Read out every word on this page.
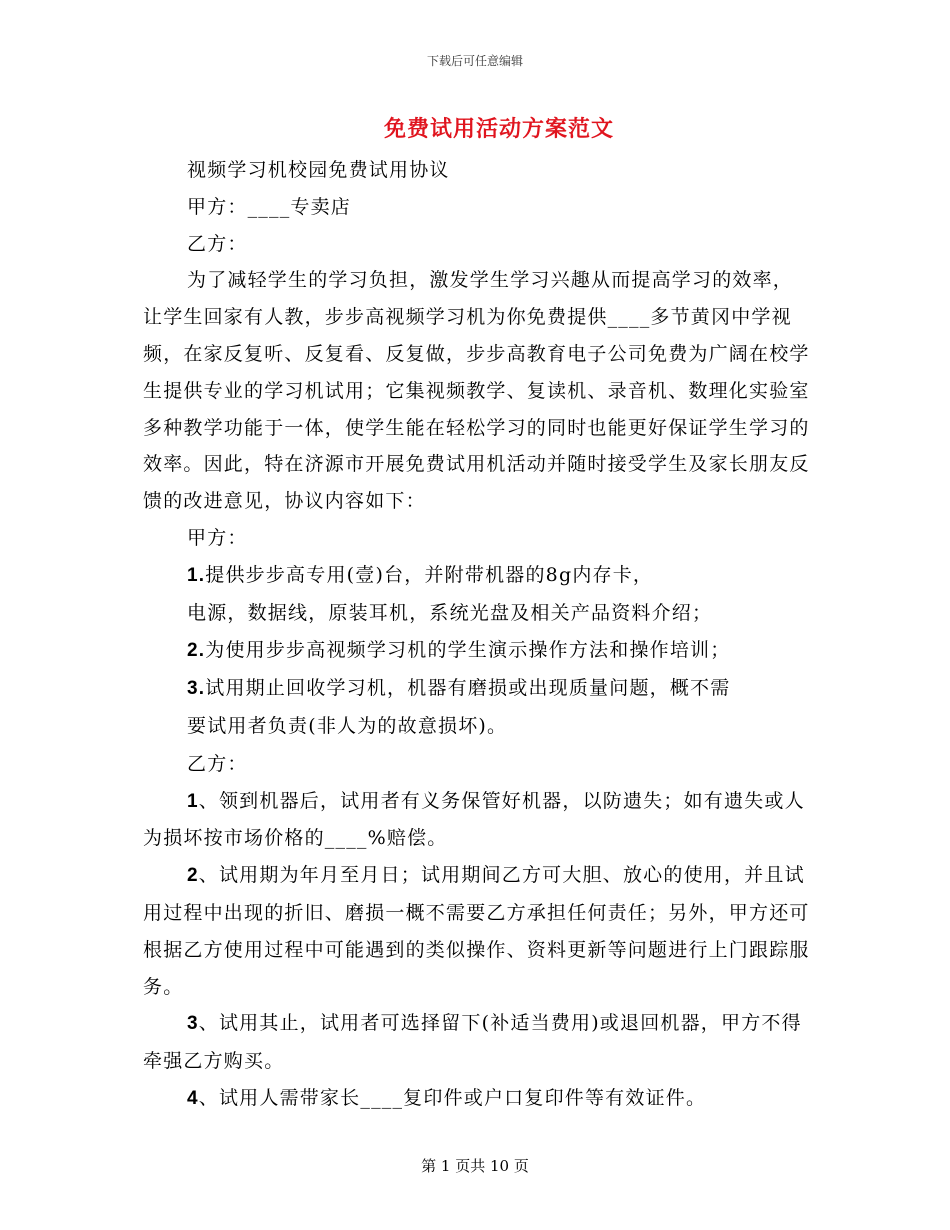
下载后可任意编辑
免费试用活动方案范文

视频学习机校园免费试用协议

甲方：____专卖店

乙方：

为了减轻学生的学习负担，激发学生学习兴趣从而提高学习的效率，让学生回家有人教，步步高视频学习机为你免费提供____多节黄冈中学视频，在家反复听、反复看、反复做，步步高教育电子公司免费为广阔在校学生提供专业的学习机试用；它集视频教学、复读机、录音机、数理化实验室多种教学功能于一体，使学生能在轻松学习的同时也能更好保证学生学习的效率。因此，特在济源市开展免费试用机活动并随时接受学生及家长朋友反馈的改进意见，协议内容如下：

甲方：

1.提供步步高专用(壹)台，并附带机器的8g内存卡，

电源，数据线，原装耳机，系统光盘及相关产品资料介绍；

2.为使用步步高视频学习机的学生演示操作方法和操作培训；

3.试用期止回收学习机，机器有磨损或出现质量问题，概不需

要试用者负责(非人为的故意损坏)。

乙方：

1、领到机器后，试用者有义务保管好机器，以防遗失；如有遗失或人为损坏按市场价格的____%赔偿。

2、试用期为年月至月日；试用期间乙方可大胆、放心的使用，并且试用过程中出现的折旧、磨损一概不需要乙方承担任何责任；另外，甲方还可根据乙方使用过程中可能遇到的类似操作、资料更新等问题进行上门跟踪服务。

3、试用其止，试用者可选择留下(补适当费用)或退回机器，甲方不得牵强乙方购买。

4、试用人需带家长____复印件或户口复印件等有效证件。

第 1 页共 10 页
